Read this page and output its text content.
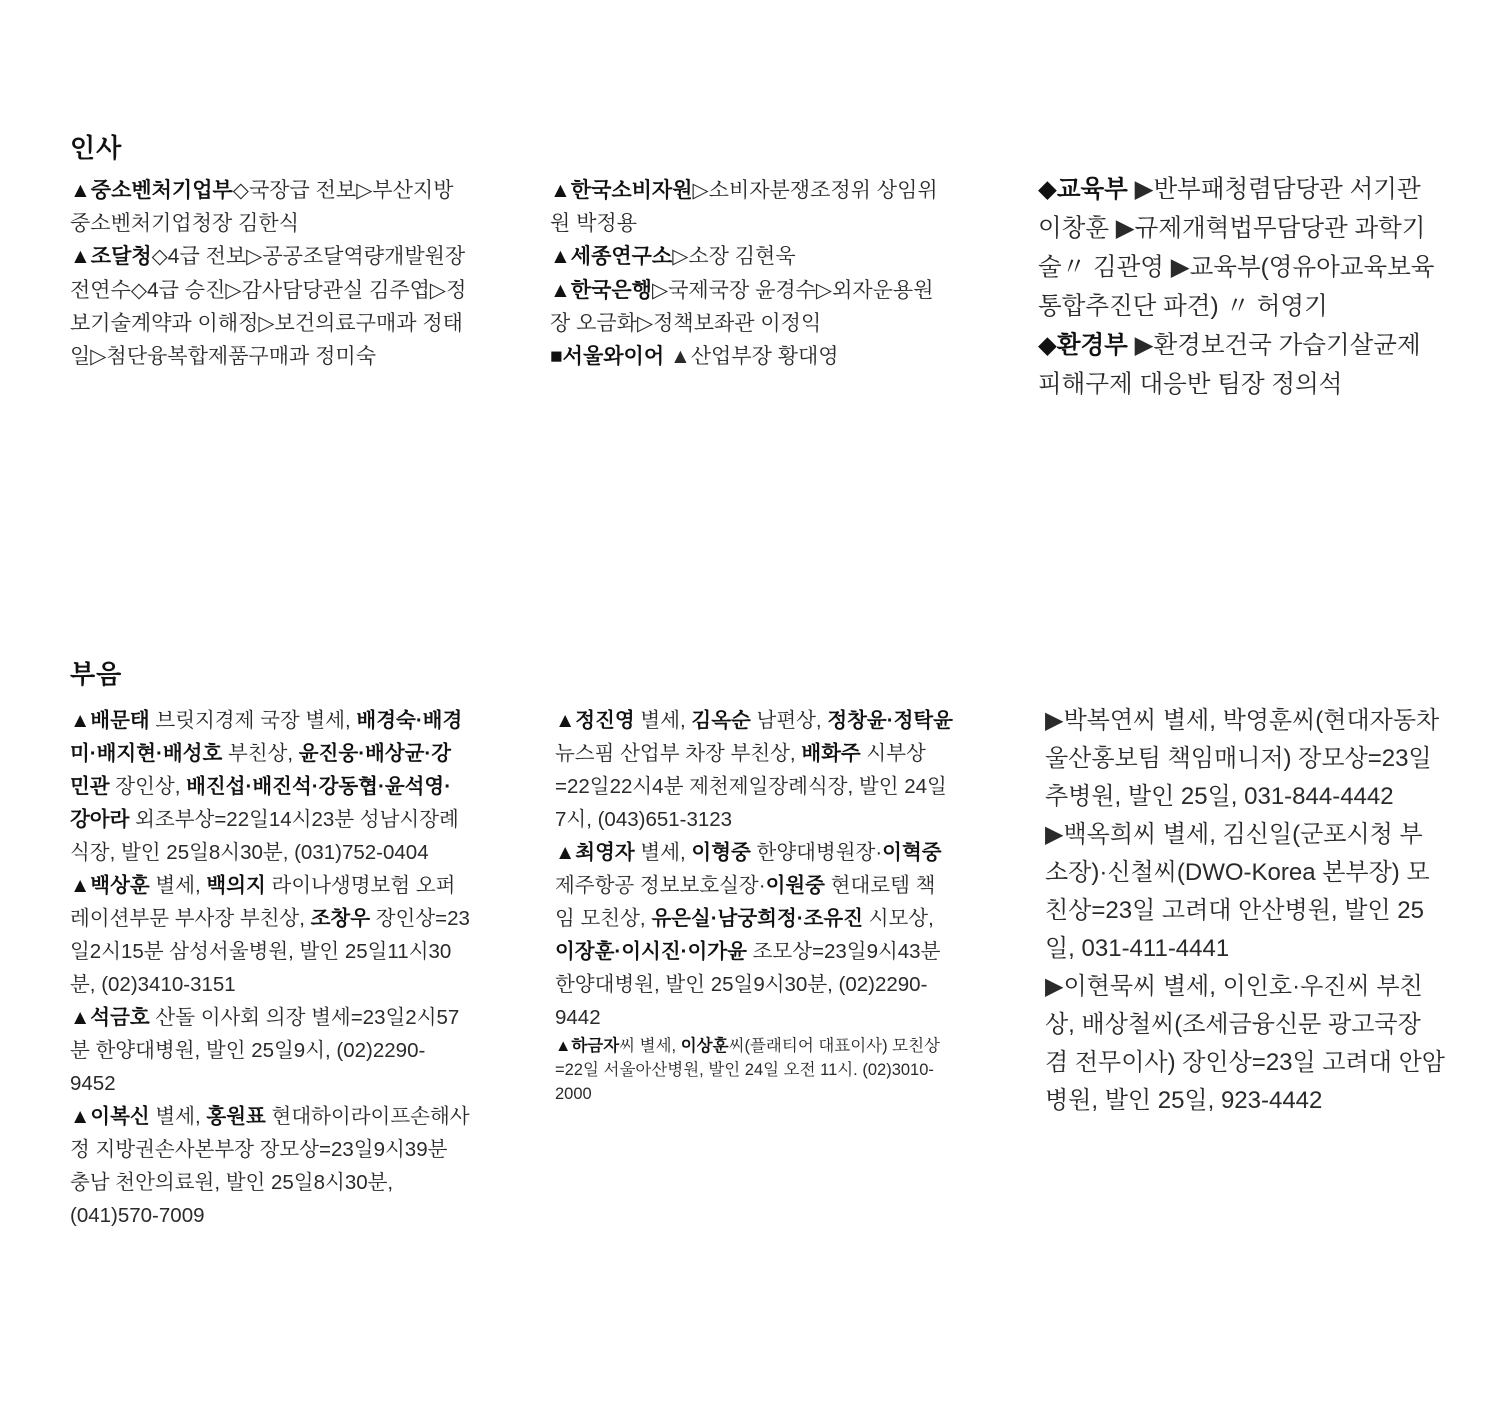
인사

▲중소벤처기업부◇국장급 전보▷부산지방중소벤처기업청장 김한식

▲조달청◇4급 전보▷공공조달역량개발원장 전연수◇4급 승진▷감사담당관실 김주엽▷정보기술계약과 이해정▷보건의료구매과 정태일▷첨단융복합제품구매과 정미숙

▲한국소비자원▷소비자분쟁조정위 상임위원 박정용

▲세종연구소▷소장 김현욱

▲한국은행▷국제국장 윤경수▷외자운용원장 오금화▷정책보좌관 이정익

■서울와이어 ▲산업부장 황대영

◆교육부 ▶반부패청렴담당관 서기관 이창훈 ▶규제개혁법무담당관 과학기술〃 김관영 ▶교육부(영유아교육보육통합추진단 파견) 〃 허영기

◆환경부 ▶환경보건국 가습기살균제피해구제 대응반 팀장 정의석

부음

▲배문태 브릿지경제 국장 별세, 배경숙·배경미·배지현·배성호 부친상, 윤진웅·배상균·강민관 장인상, 배진섭·배진석·강동협·윤석영·강아라 외조부상=22일14시23분 성남시장례식장, 발인 25일8시30분, (031)752-0404

▲백상훈 별세, 백의지 라이나생명보험 오퍼레이션부문 부사장 부친상, 조창우 장인상=23일2시15분 삼성서울병원, 발인 25일11시30분, (02)3410-3151

▲석금호 산돌 이사회 의장 별세=23일2시57분 한양대병원, 발인 25일9시, (02)2290-9452

▲이복신 별세, 홍원표 현대하이라이프손해사정 지방권손사본부장 장모상=23일9시39분 충남 천안의료원, 발인 25일8시30분, (041)570-7009

▲정진영 별세, 김옥순 남편상, 정창윤·정탁윤 뉴스핌 산업부 차장 부친상, 배화주 시부상=22일22시4분 제천제일장례식장, 발인 24일7시, (043)651-3123

▲최영자 별세, 이형중 한양대병원장·이혁중 제주항공 정보보호실장·이원중 현대로템 책임 모친상, 유은실·남궁희정·조유진 시모상, 이장훈·이시진·이가윤 조모상=23일9시43분 한양대병원, 발인 25일9시30분, (02)2290-9442

▲하금자씨 별세, 이상훈씨(플래티어 대표이사) 모친상=22일 서울아산병원, 발인 24일 오전 11시. (02)3010-2000

▶박복연씨 별세, 박영훈씨(현대자동차 울산홍보팀 책임매니저) 장모상=23일 추병원, 발인 25일, 031-844-4442

▶백옥희씨 별세, 김신일(군포시청 부소장)·신철씨(DWO-Korea 본부장) 모친상=23일 고려대 안산병원, 발인 25일, 031-411-4441

▶이현묵씨 별세, 이인호·우진씨 부친상, 배상철씨(조세금융신문 광고국장 겸 전무이사) 장인상=23일 고려대 안암병원, 발인 25일, 923-4442
